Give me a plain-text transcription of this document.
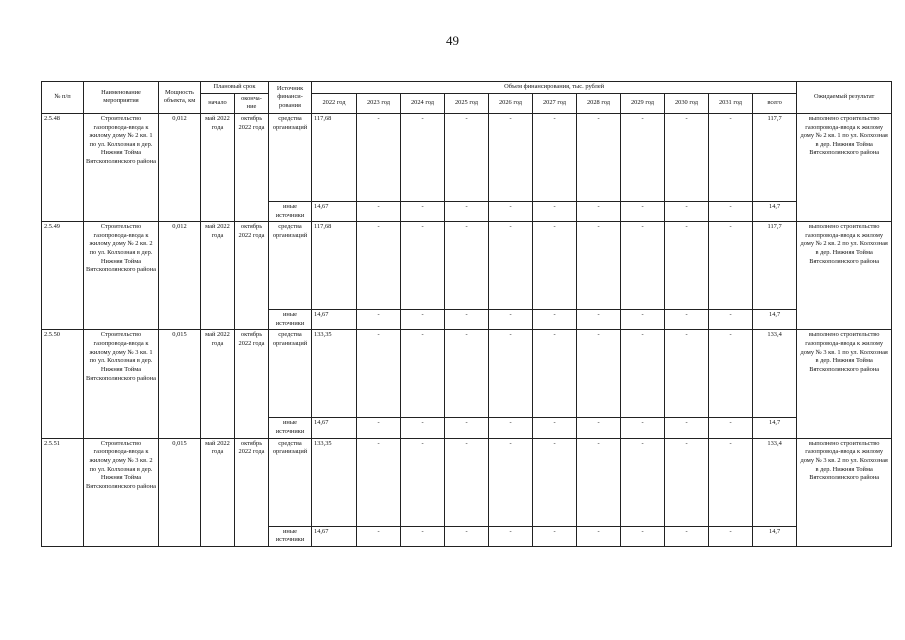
49
№ п/п	Наименование мероприятия	Мощность объекта, км	Плановый срок		Источник финанси-рования	Объем финансирования, тыс. рублей											Ожидаемый результат
			начало	оконча-ние		2022 год	2023 год	2024 год	2025 год	2026 год	2027 год	2028 год	2029 год	2030 год	2031 год	всего	
2.5.48	Строительство газопровода-ввода к жилому дому № 2 кв. 1 по ул. Колхозная в дер. Нижняя Тойма Вятскополянского района	0,012	май 2022 года	октябрь 2022 года	средства организаций	117,68	-	-	-	-	-	-	-	-	-	117,7	выполнено строительство газопровода-ввода к жилому дому № 2 кв. 1 по ул. Колхозная в дер. Нижняя Тойма Вятскополянского района
					иные источники	14,67	-	-	-	-	-	-	-	-	-	14,7	
2.5.49	Строительство газопровода-ввода к жилому дому № 2 кв. 2 по ул. Колхозная в дер. Нижняя Тойма Вятскополянского района	0,012	май 2022 года	октябрь 2022 года	средства организаций	117,68	-	-	-	-	-	-	-	-	-	117,7	выполнено строительство газопровода-ввода к жилому дому № 2 кв. 2 по ул. Колхозная в дер. Нижняя Тойма Вятскополянского района
					иные источники	14,67	-	-	-	-	-	-	-	-	-	14,7	
2.5.50	Строительство газопровода-ввода к жилому дому № 3 кв. 1 по ул. Колхозная в дер. Нижняя Тойма Вятскополянского района	0,015	май 2022 года	октябрь 2022 года	средства организаций	133,35	-	-	-	-	-	-	-	-	-	133,4	выполнено строительство газопровода-ввода к жилому дому № 3 кв. 1 по ул. Колхозная в дер. Нижняя Тойма Вятскополянского района
					иные источники	14,67	-	-	-	-	-	-	-	-	-	14,7	
2.5.51	Строительство газопровода-ввода к жилому дому № 3 кв. 2 по ул. Колхозная в дер. Нижняя Тойма Вятскополянского района	0,015	май 2022 года	октябрь 2022 года	средства организаций	133,35	-	-	-	-	-	-	-	-	-	133,4	выполнено строительство газопровода-ввода к жилому дому № 3 кв. 2 по ул. Колхозная в дер. Нижняя Тойма Вятскополянского района
					иные источники	14,67	-	-	-	-	-	-	-	-	-	14,7	
